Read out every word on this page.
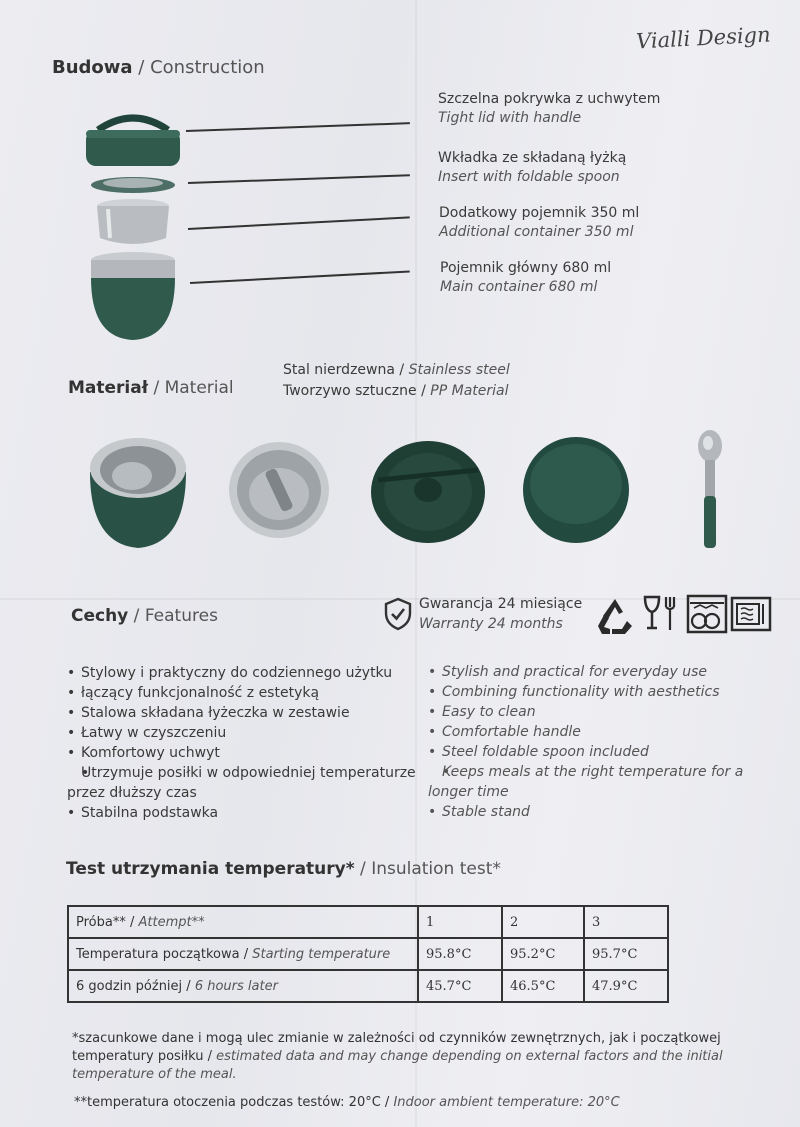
Vialli Design
Budowa / Construction
Szczelna pokrywka z uchwytem
Tight lid with handle
Wkładka ze składaną łyżką
Insert with foldable spoon
Dodatkowy pojemnik 350 ml
Additional container 350 ml
Pojemnik główny 680 ml
Main container 680 ml
Materiał / Material
Stal nierdzewna / Stainless steel
Tworzywo sztuczne / PP Material
Cechy / Features
Gwarancja 24 miesiące
Warranty 24 months
• Stylowy i praktyczny do codziennego użytku
• łączący funkcjonalność z estetyką
• Stalowa składana łyżeczka w zestawie
• Łatwy w czyszczeniu
• Komfortowy uchwyt
• Utrzymuje posiłki w odpowiedniej temperaturze przez dłuższy czas
• Stabilna podstawka
• Stylish and practical for everyday use
• Combining functionality with aesthetics
• Easy to clean
• Comfortable handle
• Steel foldable spoon included
• Keeps meals at the right temperature for a longer time
• Stable stand
Test utrzymania temperatury* / Insulation test*
Próba** / Attempt**	1	2	3
Temperatura początkowa / Starting temperature	95.8°C	95.2°C	95.7°C
6 godzin później / 6 hours later	45.7°C	46.5°C	47.9°C
*szacunkowe dane i mogą ulec zmianie w zależności od czynników zewnętrznych, jak i początkowej temperatury posiłku / estimated data and may change depending on external factors and the initial temperature of the meal.
**temperatura otoczenia podczas testów: 20°C / Indoor ambient temperature: 20°C
